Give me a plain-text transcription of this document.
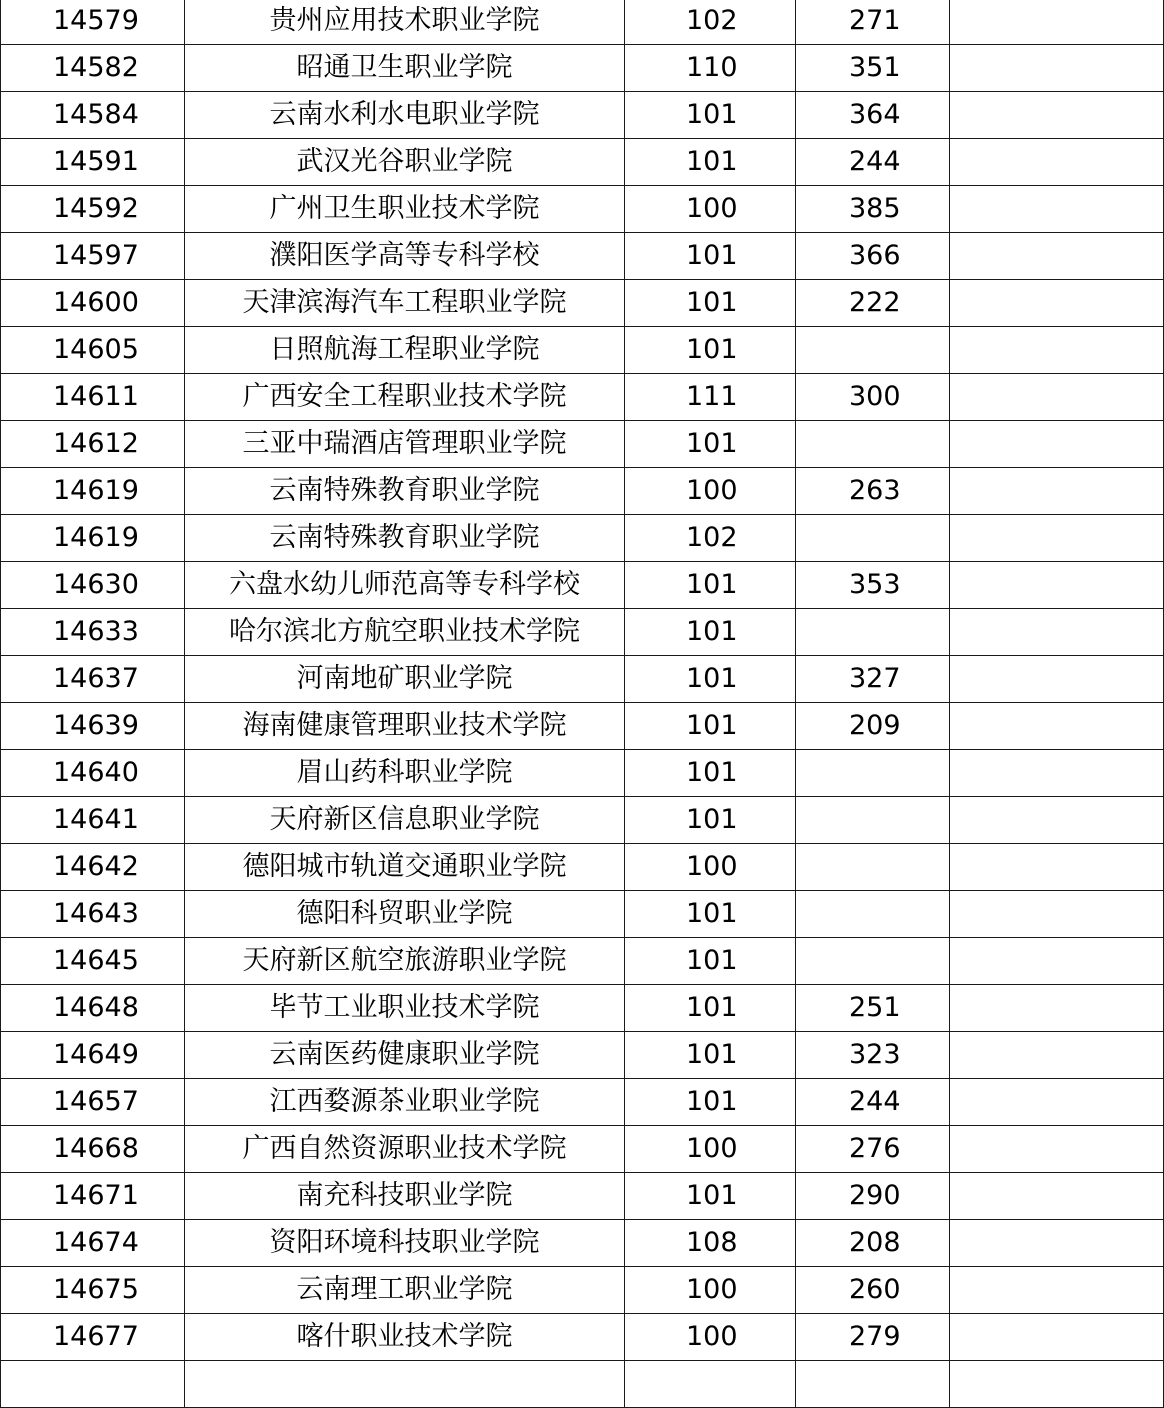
14579	贵州应用技术职业学院	102	271	
14582	昭通卫生职业学院	110	351	
14584	云南水利水电职业学院	101	364	
14591	武汉光谷职业学院	101	244	
14592	广州卫生职业技术学院	100	385	
14597	濮阳医学高等专科学校	101	366	
14600	天津滨海汽车工程职业学院	101	222	
14605	日照航海工程职业学院	101		
14611	广西安全工程职业技术学院	111	300	
14612	三亚中瑞酒店管理职业学院	101		
14619	云南特殊教育职业学院	100	263	
14619	云南特殊教育职业学院	102		
14630	六盘水幼儿师范高等专科学校	101	353	
14633	哈尔滨北方航空职业技术学院	101		
14637	河南地矿职业学院	101	327	
14639	海南健康管理职业技术学院	101	209	
14640	眉山药科职业学院	101		
14641	天府新区信息职业学院	101		
14642	德阳城市轨道交通职业学院	100		
14643	德阳科贸职业学院	101		
14645	天府新区航空旅游职业学院	101		
14648	毕节工业职业技术学院	101	251	
14649	云南医药健康职业学院	101	323	
14657	江西婺源茶业职业学院	101	244	
14668	广西自然资源职业技术学院	100	276	
14671	南充科技职业学院	101	290	
14674	资阳环境科技职业学院	108	208	
14675	云南理工职业学院	100	260	
14677	喀什职业技术学院	100	279	
